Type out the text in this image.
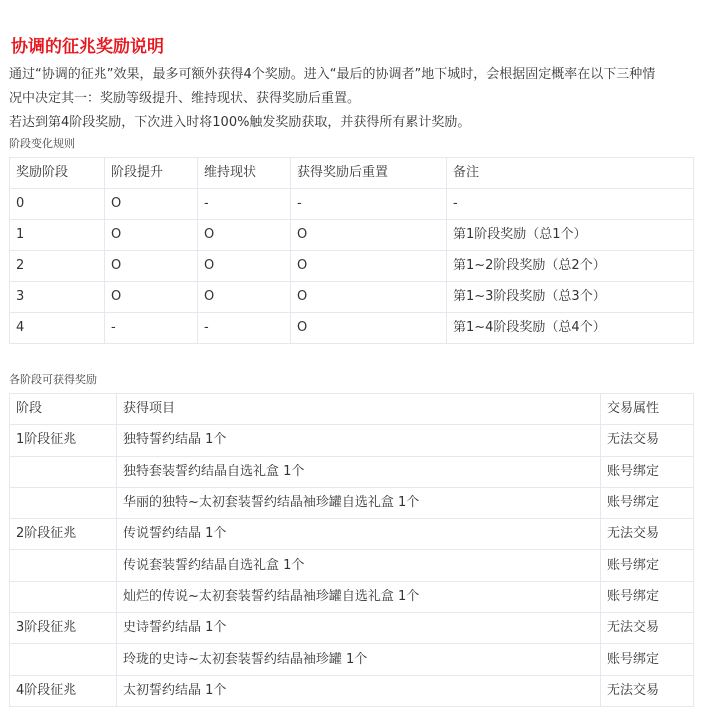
协调的征兆奖励说明
通过“协调的征兆”效果，最多可额外获得4个奖励。进入“最后的协调者”地下城时，会根据固定概率在以下三种情
况中决定其一：奖励等级提升、维持现状、获得奖励后重置。
若达到第4阶段奖励，下次进入时将100%触发奖励获取，并获得所有累计奖励。
阶段变化规则
奖励阶段	阶段提升	维持现状	获得奖励后重置	备注
0	O	-	-	-
1	O	O	O	第1阶段奖励（总1个）
2	O	O	O	第1~2阶段奖励（总2个）
3	O	O	O	第1~3阶段奖励（总3个）
4	-	-	O	第1~4阶段奖励（总4个）
各阶段可获得奖励
阶段	获得项目	交易属性
1阶段征兆	独特誓约结晶 1个	无法交易
	独特套装誓约结晶自选礼盒 1个	账号绑定
	华丽的独特~太初套装誓约结晶袖珍罐自选礼盒 1个	账号绑定
2阶段征兆	传说誓约结晶 1个	无法交易
	传说套装誓约结晶自选礼盒 1个	账号绑定
	灿烂的传说~太初套装誓约结晶袖珍罐自选礼盒 1个	账号绑定
3阶段征兆	史诗誓约结晶 1个	无法交易
	玲珑的史诗~太初套装誓约结晶袖珍罐 1个	账号绑定
4阶段征兆	太初誓约结晶 1个	无法交易
